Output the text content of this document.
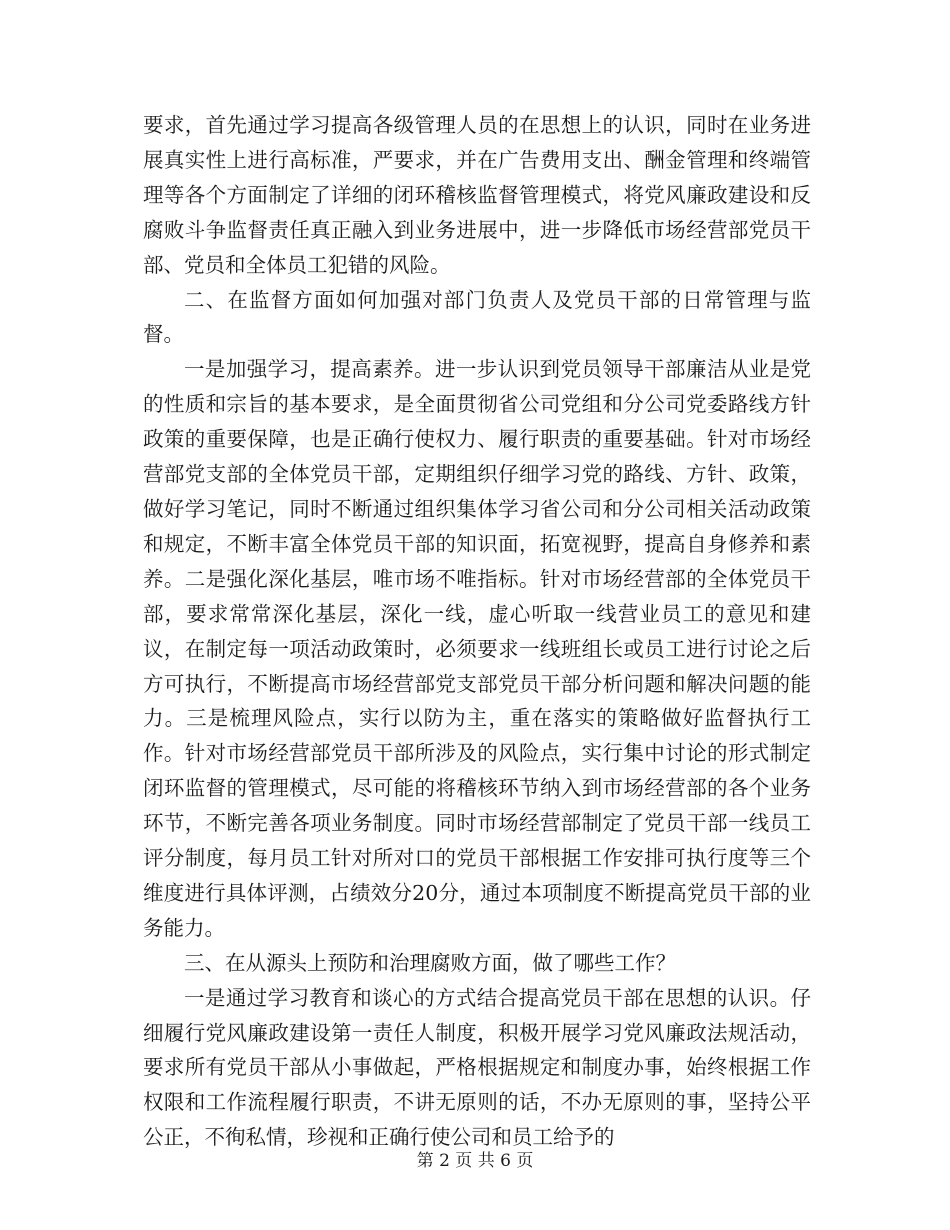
要求，首先通过学习提高各级管理人员的在思想上的认识，同时在业务进展真实性上进行高标准，严要求，并在广告费用支出、酬金管理和终端管理等各个方面制定了详细的闭环稽核监督管理模式，将党风廉政建设和反腐败斗争监督责任真正融入到业务进展中，进一步降低市场经营部党员干部、党员和全体员工犯错的风险。

二、在监督方面如何加强对部门负责人及党员干部的日常管理与监督。

一是加强学习，提高素养。进一步认识到党员领导干部廉洁从业是党的性质和宗旨的基本要求，是全面贯彻省公司党组和分公司党委路线方针政策的重要保障，也是正确行使权力、履行职责的重要基础。针对市场经营部党支部的全体党员干部，定期组织仔细学习党的路线、方针、政策，做好学习笔记，同时不断通过组织集体学习省公司和分公司相关活动政策和规定，不断丰富全体党员干部的知识面，拓宽视野，提高自身修养和素养。二是强化深化基层，唯市场不唯指标。针对市场经营部的全体党员干部，要求常常深化基层，深化一线，虚心听取一线营业员工的意见和建议，在制定每一项活动政策时，必须要求一线班组长或员工进行讨论之后方可执行，不断提高市场经营部党支部党员干部分析问题和解决问题的能力。三是梳理风险点，实行以防为主，重在落实的策略做好监督执行工作。针对市场经营部党员干部所涉及的风险点，实行集中讨论的形式制定闭环监督的管理模式，尽可能的将稽核环节纳入到市场经营部的各个业务环节，不断完善各项业务制度。同时市场经营部制定了党员干部一线员工评分制度，每月员工针对所对口的党员干部根据工作安排可执行度等三个维度进行具体评测，占绩效分20分，通过本项制度不断提高党员干部的业务能力。

三、在从源头上预防和治理腐败方面，做了哪些工作？

一是通过学习教育和谈心的方式结合提高党员干部在思想的认识。仔细履行党风廉政建设第一责任人制度，积极开展学习党风廉政法规活动，要求所有党员干部从小事做起，严格根据规定和制度办事，始终根据工作权限和工作流程履行职责，不讲无原则的话，不办无原则的事，坚持公平公正，不徇私情，珍视和正确行使公司和员工给予的

第 2 页 共 6 页
